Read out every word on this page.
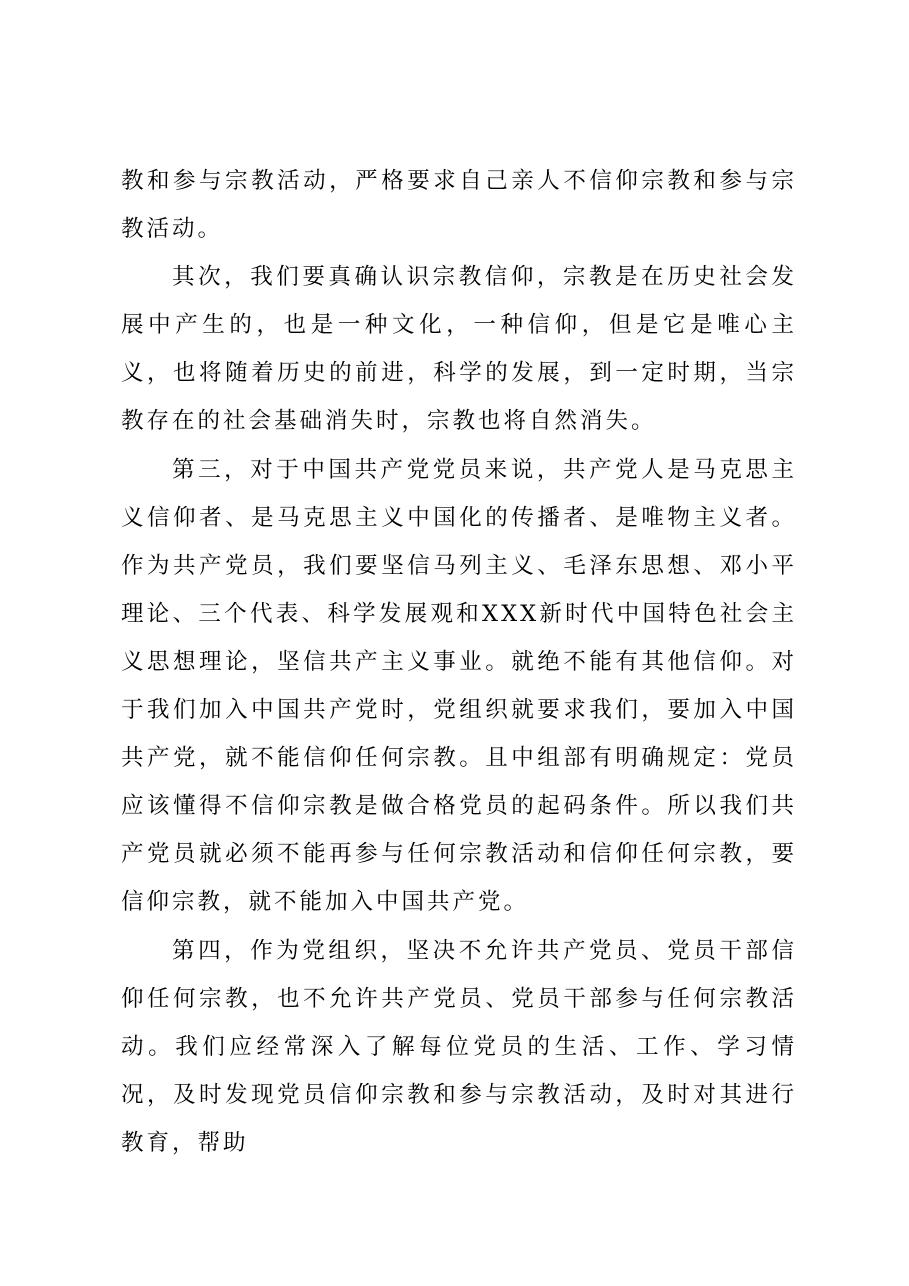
教和参与宗教活动，严格要求自己亲人不信仰宗教和参与宗教活动。

其次，我们要真确认识宗教信仰，宗教是在历史社会发展中产生的，也是一种文化，一种信仰，但是它是唯心主义，也将随着历史的前进，科学的发展，到一定时期，当宗教存在的社会基础消失时，宗教也将自然消失。

第三，对于中国共产党党员来说，共产党人是马克思主义信仰者、是马克思主义中国化的传播者、是唯物主义者。作为共产党员，我们要坚信马列主义、毛泽东思想、邓小平理论、三个代表、科学发展观和XXX新时代中国特色社会主义思想理论，坚信共产主义事业。就绝不能有其他信仰。对于我们加入中国共产党时，党组织就要求我们，要加入中国共产党，就不能信仰任何宗教。且中组部有明确规定：党员应该懂得不信仰宗教是做合格党员的起码条件。所以我们共产党员就必须不能再参与任何宗教活动和信仰任何宗教，要信仰宗教，就不能加入中国共产党。

第四，作为党组织，坚决不允许共产党员、党员干部信仰任何宗教，也不允许共产党员、党员干部参与任何宗教活动。我们应经常深入了解每位党员的生活、工作、学习情况，及时发现党员信仰宗教和参与宗教活动，及时对其进行教育，帮助
